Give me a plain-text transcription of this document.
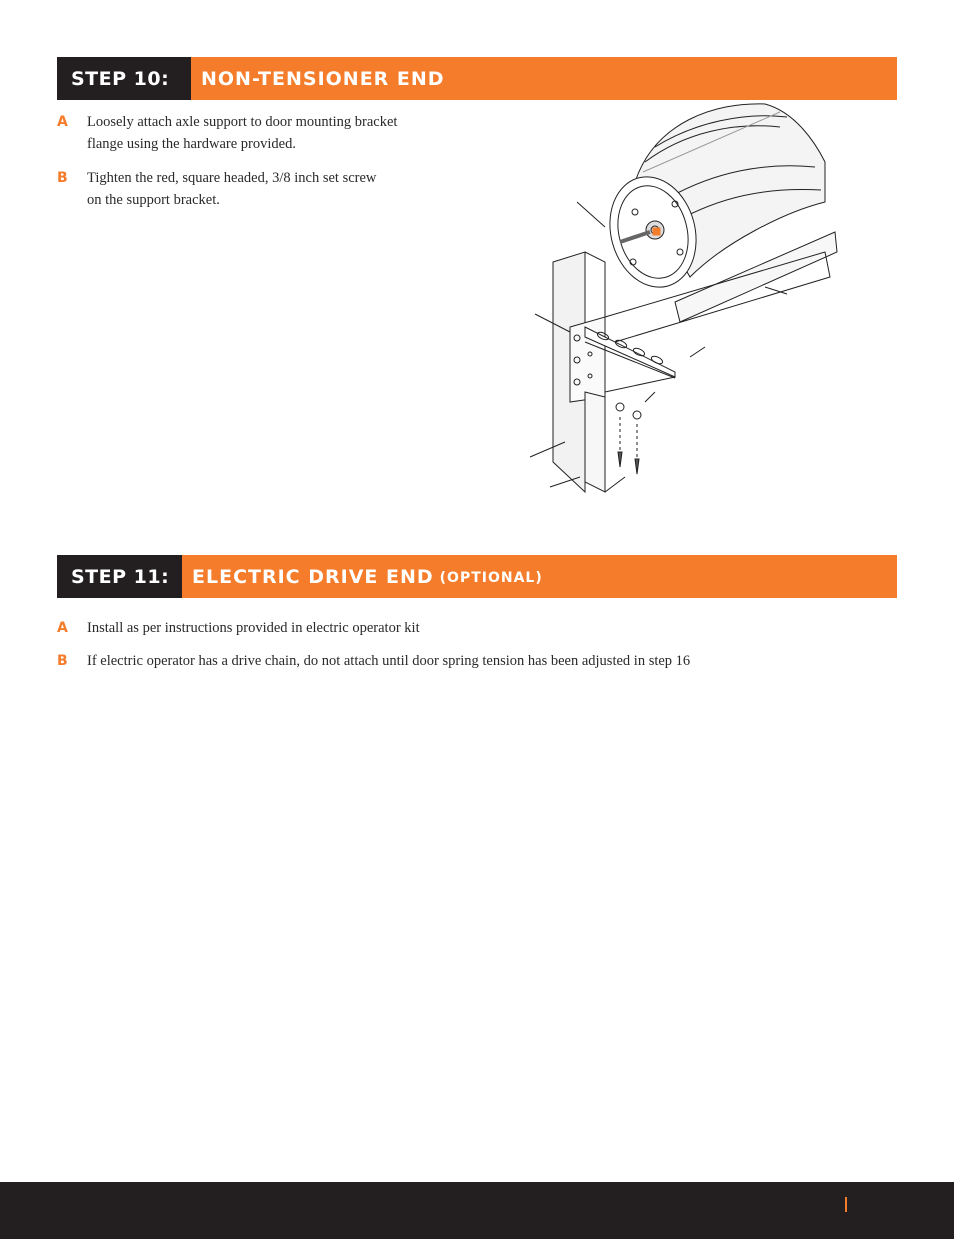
STEP 10:	NON-TENSIONER END
A	Loosely attach axle support to door mounting bracket
flange using the hardware provided.
B	Tighten the red, square headed, 3/8 inch set screw
on the support bracket.
STEP 11:	ELECTRIC DRIVE END (OPTIONAL)
A	Install as per instructions provided in electric operator kit
B	If electric operator has a drive chain, do not attach until door spring tension has been adjusted in step 16
